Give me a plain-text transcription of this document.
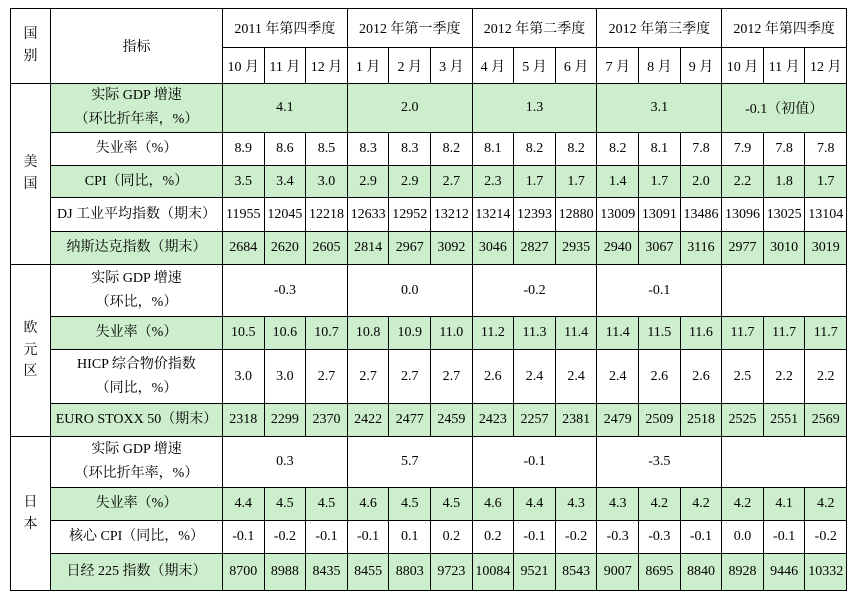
国别	指标	2011 年第四季度			2012 年第一季度			2012 年第二季度			2012 年第三季度			2012 年第四季度		
		10 月	11 月	12 月	1 月	2 月	3 月	4 月	5 月	6 月	7 月	8 月	9 月	10 月	11 月	12 月

美国	实际 GDP 增速
（环比折年率，%）	4.1			2.0			1.3			3.1			-0.1（初值）		

	失业率（%）	8.9	8.6	8.5	8.3	8.3	8.2	8.1	8.2	8.2	8.2	8.1	7.8	7.9	7.8	7.8

	CPI（同比，%）	3.5	3.4	3.0	2.9	2.9	2.7	2.3	1.7	1.7	1.4	1.7	2.0	2.2	1.8	1.7

	DJ 工业平均指数（期末）	11955	12045	12218	12633	12952	13212	13214	12393	12880	13009	13091	13486	13096	13025	13104

	纳斯达克指数（期末）	2684	2620	2605	2814	2967	3092	3046	2827	2935	2940	3067	3116	2977	3010	3019

欧元区	实际 GDP 增速
（环比，%）	-0.3			0.0			-0.2			-0.1					

	失业率（%）	10.5	10.6	10.7	10.8	10.9	11.0	11.2	11.3	11.4	11.4	11.5	11.6	11.7	11.7	11.7

	HICP 综合物价指数
（同比，%）	3.0	3.0	2.7	2.7	2.7	2.7	2.6	2.4	2.4	2.4	2.6	2.6	2.5	2.2	2.2

	EURO STOXX 50（期末）	2318	2299	2370	2422	2477	2459	2423	2257	2381	2479	2509	2518	2525	2551	2569

日本	实际 GDP 增速
（环比折年率，%）	0.3			5.7			-0.1			-3.5					

	失业率（%）	4.4	4.5	4.5	4.6	4.5	4.5	4.6	4.4	4.3	4.3	4.2	4.2	4.2	4.1	4.2

	核心 CPI（同比，%）	-0.1	-0.2	-0.1	-0.1	0.1	0.2	0.2	-0.1	-0.2	-0.3	-0.3	-0.1	0.0	-0.1	-0.2

	日经 225 指数（期末）	8700	8988	8435	8455	8803	9723	10084	9521	8543	9007	8695	8840	8928	9446	10332
